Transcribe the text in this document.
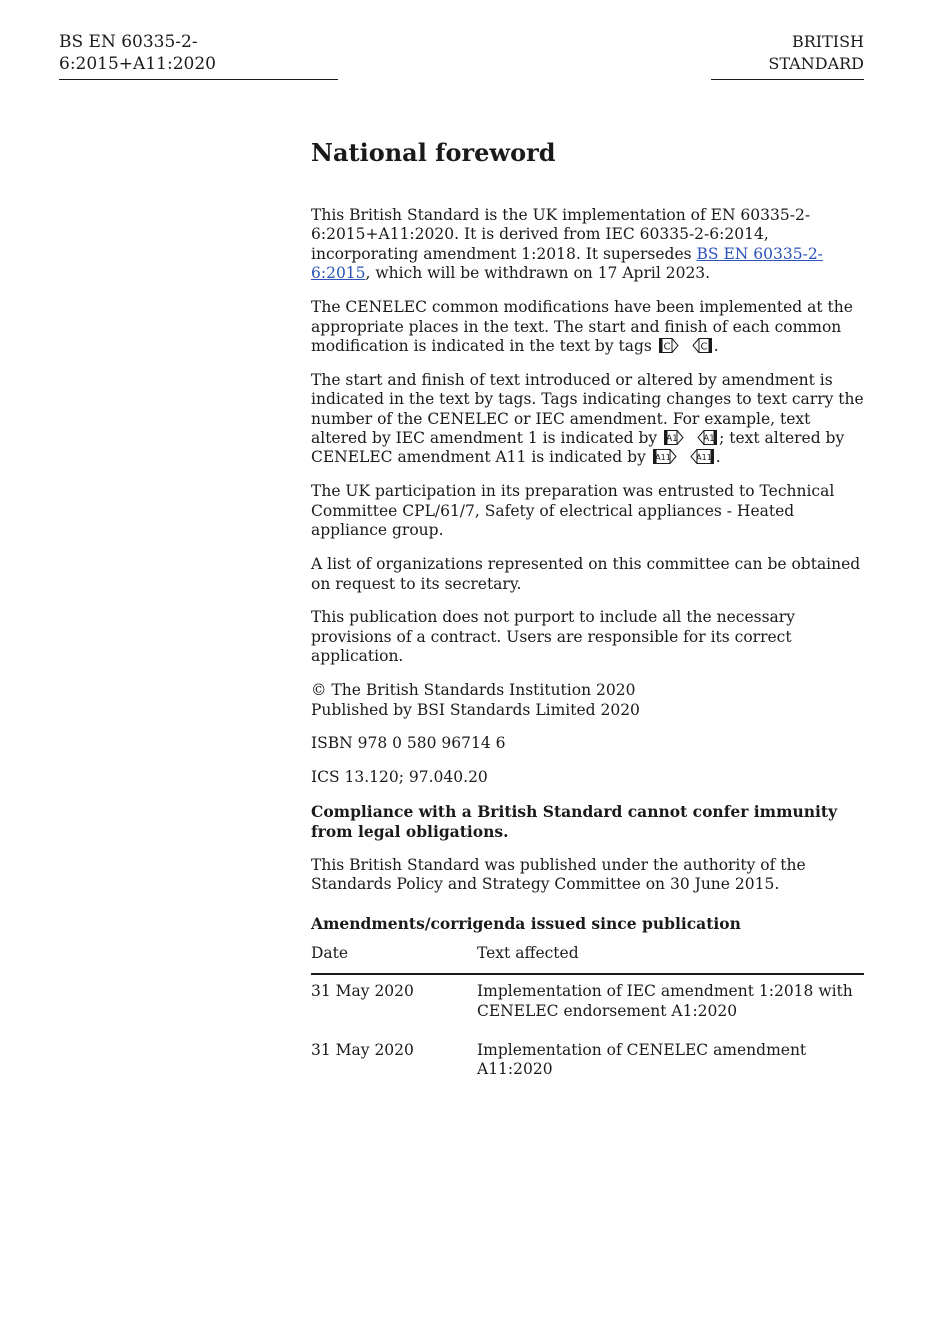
BS EN 60335-2-6:2015+A11:2020
BRITISH STANDARD
National foreword

This British Standard is the UK implementation of EN 60335-2-6:2015+A11:2020. It is derived from IEC 60335-2-6:2014, incorporating amendment 1:2018. It supersedes BS EN 60335-2-6:2015, which will be withdrawn on 17 April 2023.

The CENELEC common modifications have been implemented at the appropriate places in the text. The start and finish of each common modification is indicated in the text by tags C
	C .

The start and finish of text introduced or altered by amendment is indicated in the text by tags. Tags indicating changes to text carry the number of the CENELEC or IEC amendment. For example, text altered by IEC amendment 1 is indicated by A1
	A1 ; text altered by CENELEC amendment A11 is indicated by A11
	A11 .

The UK participation in its preparation was entrusted to Technical Committee CPL/61/7, Safety of electrical appliances - Heated appliance group.

A list of organizations represented on this committee can be obtained on request to its secretary.

This publication does not purport to include all the necessary provisions of a contract. Users are responsible for its correct application.

© The British Standards Institution 2020
Published by BSI Standards Limited 2020

ISBN 978 0 580 96714 6

ICS 13.120; 97.040.20

Compliance with a British Standard cannot confer immunity from legal obligations.

This British Standard was published under the authority of the Standards Policy and Strategy Committee on 30 June 2015.

Amendments/corrigenda issued since publication
Date	Text affected
31 May 2020	Implementation of IEC amendment 1:2018 with CENELEC endorsement A1:2020
31 May 2020	Implementation of CENELEC amendment A11:2020
